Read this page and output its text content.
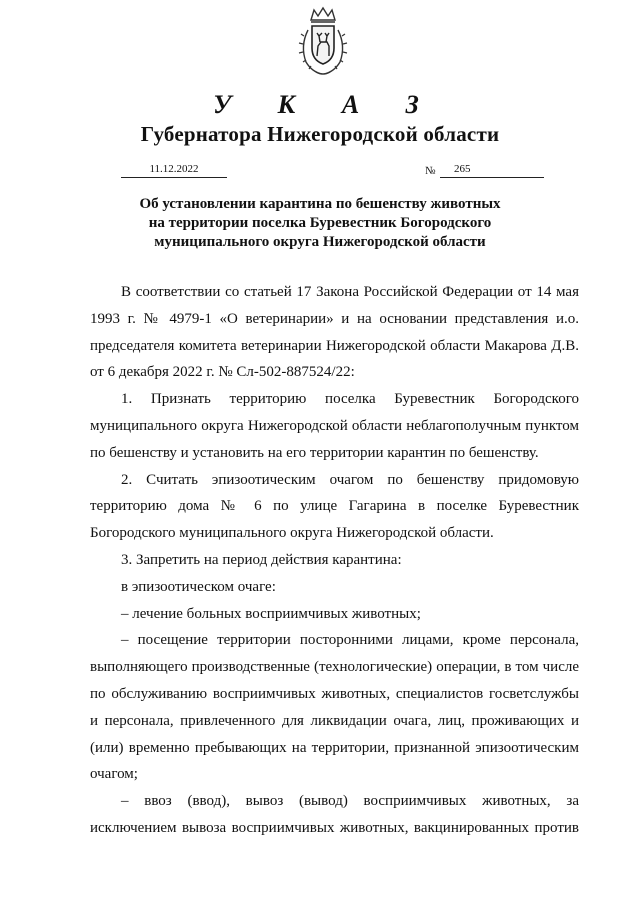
У К А З
Губернатора Нижегородской области
11.12.2022	№	265
Об установлении карантина по бешенству животных
на территории поселка Буревестник Богородского
муниципального округа Нижегородской области

В соответствии со статьей 17 Закона Российской Федерации от 14 мая 1993 г. № 4979-1 «О ветеринарии» и на основании представления и.о. председателя комитета ветеринарии Нижегородской области Макарова Д.В. от 6 декабря 2022 г. № Сл-502-887524/22:

1. Признать территорию поселка Буревестник Богородского муниципального округа Нижегородской области неблагополучным пунктом по бешенству и установить на его территории карантин по бешенству.

2. Считать эпизоотическим очагом по бешенству придомовую территорию дома № 6 по улице Гагарина в поселке Буревестник Богородского муниципального округа Нижегородской области.

3. Запретить на период действия карантина:

в эпизоотическом очаге:

– лечение больных восприимчивых животных;

– посещение территории посторонними лицами, кроме персонала, выполняющего производственные (технологические) операции, в том числе по обслуживанию восприимчивых животных, специалистов госветслужбы и персонала, привлеченного для ликвидации очага, лиц, проживающих и (или) временно пребывающих на территории, признанной эпизоотическим очагом;

– ввоз (ввод), вывоз (вывод) восприимчивых животных, за исключением вывоза восприимчивых животных, вакцинированных против
